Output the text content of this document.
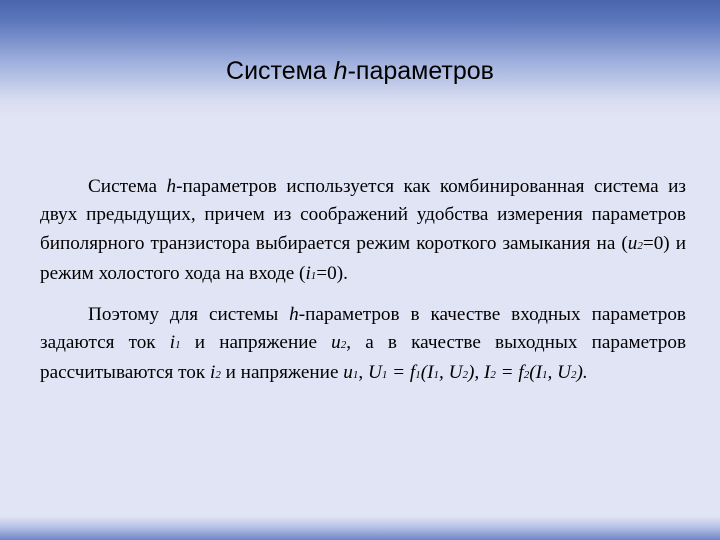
Система h-параметров

Система h-параметров используется как комбинированная система из двух предыдущих, причем из соображений удобства измерения параметров биполярного транзистора выбирается режим короткого замыкания на (u2=0) и режим холостого хода на входе (i1=0).

Поэтому для системы h-параметров в качестве входных параметров задаются ток i1 и напряжение u2, а в качестве выходных параметров рассчитываются ток i2 и напряжение u1, U1 = f1(I1, U2), I2 = f2(I1, U2).
